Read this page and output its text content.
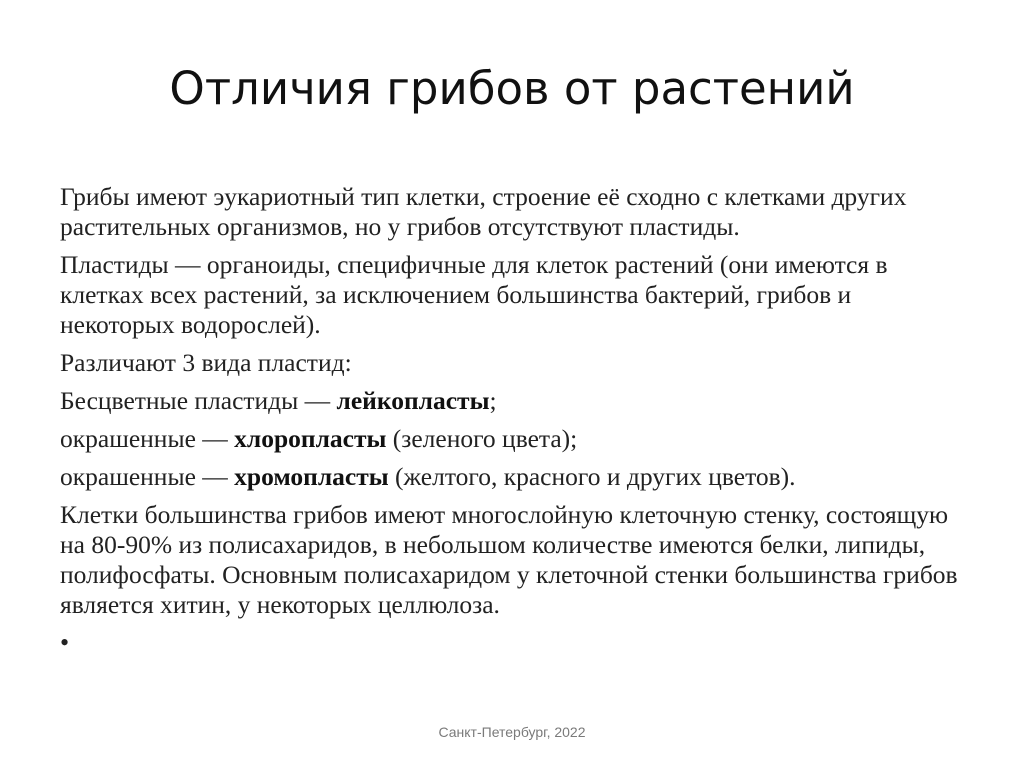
Отличия грибов от растений

Грибы имеют эукариотный тип клетки, строение её сходно с клетками других растительных организмов, но у грибов отсутствуют пластиды.

Пластиды — органоиды, специфичные для клеток растений (они имеются в клетках всех растений, за исключением большинства бактерий, грибов и некоторых водорослей).

Различают 3 вида пластид:

Бесцветные пластиды — лейкопласты;

окрашенные — хлоропласты (зеленого цвета);

окрашенные — хромопласты (желтого, красного и других цветов).

Клетки большинства грибов имеют многослойную клеточную стенку, состоящую на 80-90% из полисахаридов, в небольшом количестве имеются белки, липиды, полифосфаты. Основным полисахаридом у клеточной стенки большинства грибов является хитин, у некоторых целлюлоза.

•

Санкт-Петербург, 2022
